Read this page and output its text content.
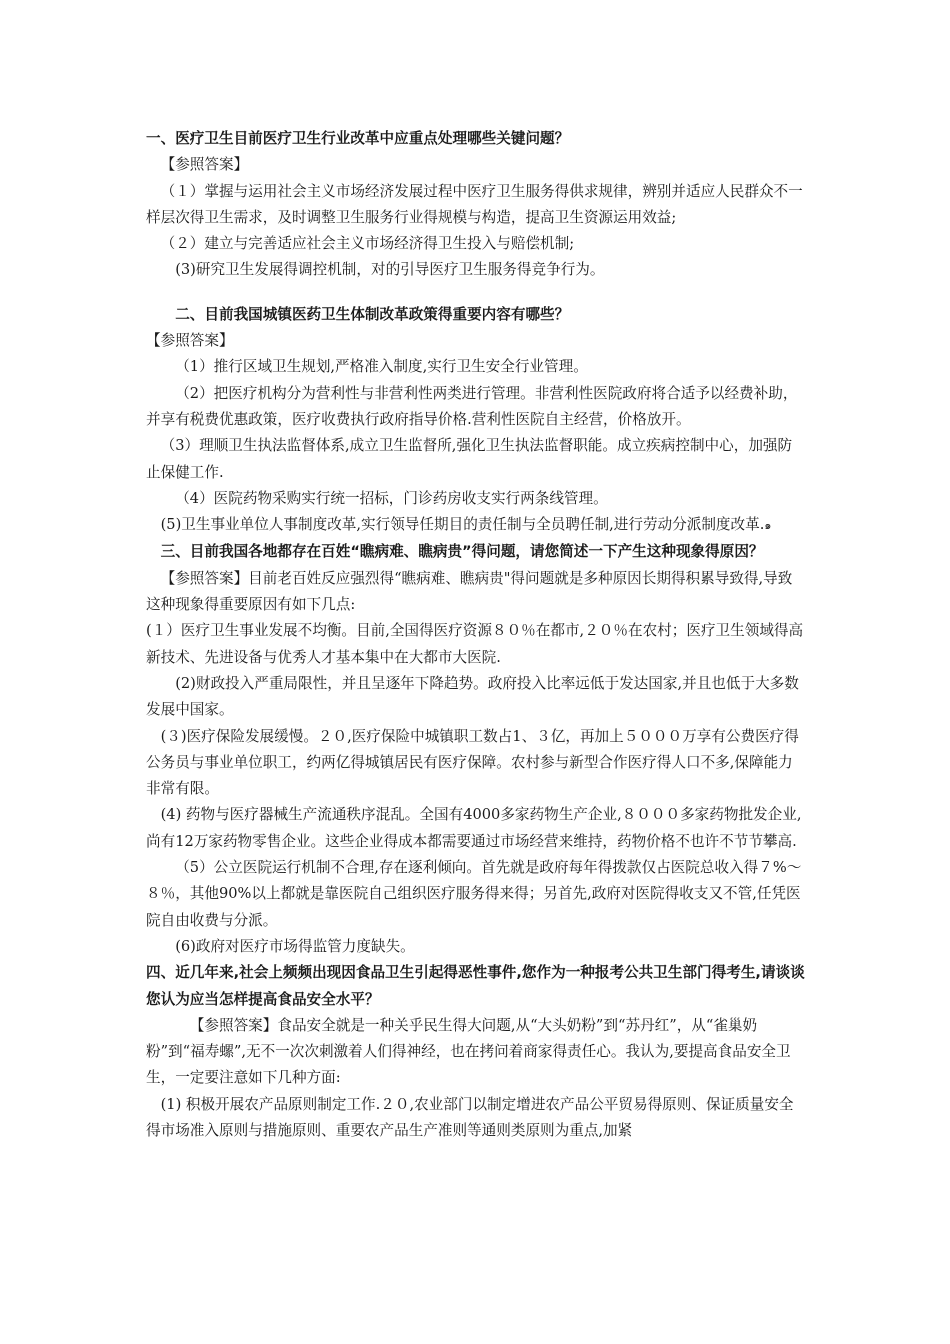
一、医疗卫生目前医疗卫生行业改革中应重点处理哪些关键问题？

【参照答案】

（１）掌握与运用社会主义市场经济发展过程中医疗卫生服务得供求规律，辨别并适应人民群众不一样层次得卫生需求，及时调整卫生服务行业得规模与构造，提高卫生资源运用效益;

（２）建立与完善适应社会主义市场经济得卫生投入与赔偿机制;

(3)研究卫生发展得调控机制，对的引导医疗卫生服务得竞争行为。

二、目前我国城镇医药卫生体制改革政策得重要内容有哪些？

【参照答案】

（1）推行区域卫生规划,严格准入制度,实行卫生安全行业管理。

（2）把医疗机构分为营利性与非营利性两类进行管理。非营利性医院政府将合适予以经费补助，并享有税费优惠政策，医疗收费执行政府指导价格.营利性医院自主经营，价格放开。

（3）理顺卫生执法监督体系,成立卫生监督所,强化卫生执法监督职能。成立疾病控制中心，加强防止保健工作.

（4）医院药物采购实行统一招标，门诊药房收支实行两条线管理。

(5)卫生事业单位人事制度改革,实行领导任期目的责任制与全员聘任制,进行劳动分派制度改革.๑

三、目前我国各地都存在百姓“瞧病难、瞧病贵”得问题，请您简述一下产生这种现象得原因？

【参照答案】目前老百姓反应强烈得“瞧病难、瞧病贵"得问题就是多种原因长期得积累导致得,导致这种现象得重要原因有如下几点:

(１）医疗卫生事业发展不均衡。目前,全国得医疗资源８０％在都市,２０％在农村；医疗卫生领域得高新技术、先进设备与优秀人才基本集中在大都市大医院.

(2)财政投入严重局限性，并且呈逐年下降趋势。政府投入比率远低于发达国家,并且也低于大多数发展中国家。

(３)医疗保险发展缓慢。２０,医疗保险中城镇职工数占1、３亿，再加上５０００万享有公费医疗得公务员与事业单位职工，约两亿得城镇居民有医疗保障。农村参与新型合作医疗得人口不多,保障能力非常有限。

(4) 药物与医疗器械生产流通秩序混乱。全国有4000多家药物生产企业,８０００多家药物批发企业,尚有12万家药物零售企业。这些企业得成本都需要通过市场经营来维持，药物价格不也许不节节攀高.

（5）公立医院运行机制不合理,存在逐利倾向。首先就是政府每年得拨款仅占医院总收入得７%～８％，其他90%以上都就是靠医院自己组织医疗服务得来得；另首先,政府对医院得收支又不管,任凭医院自由收费与分派。

(6)政府对医疗市场得监管力度缺失。

四、近几年来,社会上频频出现因食品卫生引起得恶性事件,您作为一种报考公共卫生部门得考生,请谈谈您认为应当怎样提高食品安全水平？

【参照答案】食品安全就是一种关乎民生得大问题,从“大头奶粉”到“苏丹红”，从“雀巢奶粉”到“福寿螺”,无不一次次刺激着人们得神经，也在拷问着商家得责任心。我认为,要提高食品安全卫生，一定要注意如下几种方面:

(1) 积极开展农产品原则制定工作.２０,农业部门以制定增进农产品公平贸易得原则、保证质量安全得市场准入原则与措施原则、重要农产品生产准则等通则类原则为重点,加紧
